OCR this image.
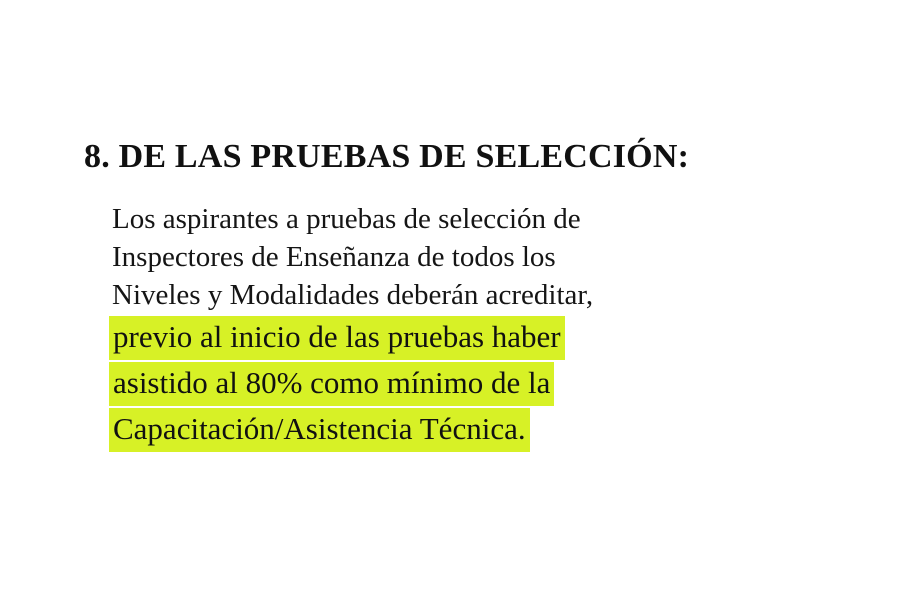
8. DE LAS PRUEBAS DE SELECCIÓN:
Los aspirantes a pruebas de selección de
Inspectores de Enseñanza de todos los
Niveles y Modalidades deberán acreditar,
previo al inicio de las pruebas haber
asistido al 80% como mínimo de la
Capacitación/Asistencia Técnica.
